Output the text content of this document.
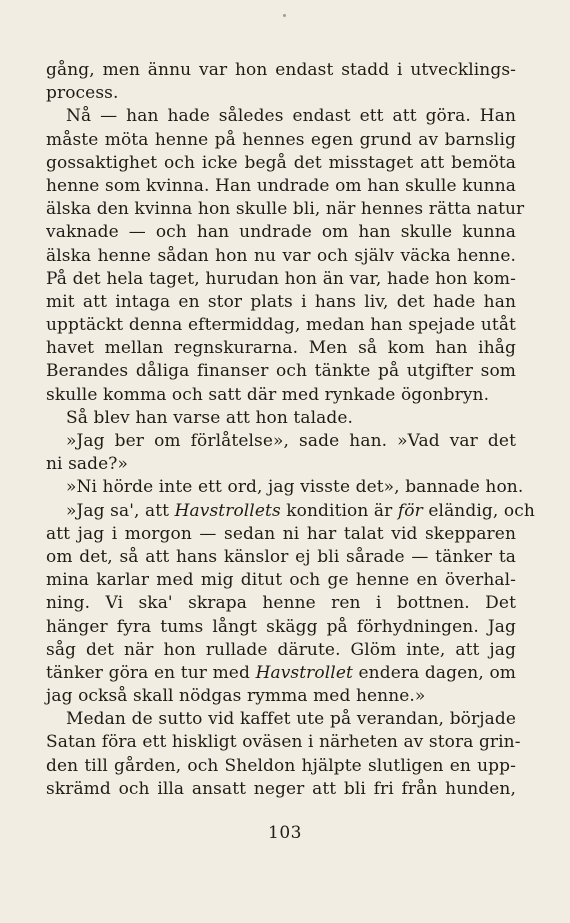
gång, men ännu var hon endast stadd i utvecklings-
process.
Nå — han hade således endast ett att göra. Han
måste möta henne på hennes egen grund av barnslig
gossaktighet och icke begå det misstaget att bemöta
henne som kvinna. Han undrade om han skulle kunna
älska den kvinna hon skulle bli, när hennes rätta natur
vaknade — och han undrade om han skulle kunna
älska henne sådan hon nu var och själv väcka henne.
På det hela taget, hurudan hon än var, hade hon kom-
mit att intaga en stor plats i hans liv, det hade han
upptäckt denna eftermiddag, medan han spejade utåt
havet mellan regnskurarna. Men så kom han ihåg
Berandes dåliga finanser och tänkte på utgifter som
skulle komma och satt där med rynkade ögonbryn.
Så blev han varse att hon talade.
»Jag ber om förlåtelse», sade han. »Vad var det
ni sade?»
»Ni hörde inte ett ord, jag visste det», bannade hon.
»Jag sa', att Havstrollets kondition är för eländig, och
att jag i morgon — sedan ni har talat vid skepparen
om det, så att hans känslor ej bli sårade — tänker ta
mina karlar med mig ditut och ge henne en överhal-
ning. Vi ska' skrapa henne ren i bottnen. Det
hänger fyra tums långt skägg på förhydningen. Jag
såg det när hon rullade därute. Glöm inte, att jag
tänker göra en tur med Havstrollet endera dagen, om
jag också skall nödgas rymma med henne.»
Medan de sutto vid kaffet ute på verandan, började
Satan föra ett hiskligt oväsen i närheten av stora grin-
den till gården, och Sheldon hjälpte slutligen en upp-
skrämd och illa ansatt neger att bli fri från hunden,
103
